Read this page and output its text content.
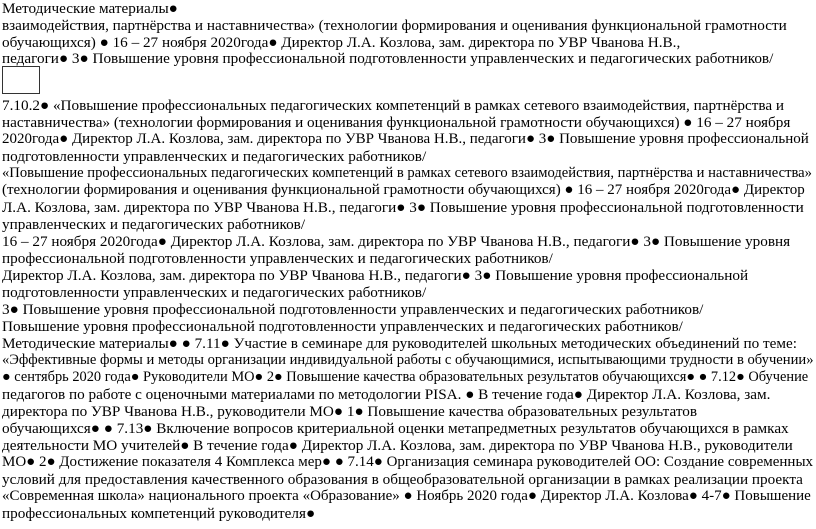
Методические материалы●
взаимодействия, партнёрства и наставничества» (технологии формирования и оценивания функциональной грамотности
обучающихся) ● 16 – 27 ноября 2020года● Директор Л.А. Козлова, зам. директора по УВР Чванова Н.В.,
педагоги● 3● Повышение уровня профессиональной подготовленности управленческих и педагогических работников/
7.10.2● «Повышение профессиональных педагогических компетенций в рамках сетевого взаимодействия, партнёрства и
наставничества» (технологии формирования и оценивания функциональной грамотности обучающихся) ● 16 – 27 ноября
2020года● Директор Л.А. Козлова, зам. директора по УВР Чванова Н.В., педагоги● 3● Повышение уровня профессиональной
подготовленности управленческих и педагогических работников/
«Повышение профессиональных педагогических компетенций в рамках сетевого взаимодействия, партнёрства и наставничества»
(технологии формирования и оценивания функциональной грамотности обучающихся) ● 16 – 27 ноября 2020года● Директор
Л.А. Козлова, зам. директора по УВР Чванова Н.В., педагоги● 3● Повышение уровня профессиональной подготовленности
управленческих и педагогических работников/
16 – 27 ноября 2020года● Директор Л.А. Козлова, зам. директора по УВР Чванова Н.В., педагоги● 3● Повышение уровня
профессиональной подготовленности управленческих и педагогических работников/
Директор Л.А. Козлова, зам. директора по УВР Чванова Н.В., педагоги● 3● Повышение уровня профессиональной
подготовленности управленческих и педагогических работников/
3● Повышение уровня профессиональной подготовленности управленческих и педагогических работников/
Повышение уровня профессиональной подготовленности управленческих и педагогических работников/
Методические материалы● ● 7.11● Участие в семинаре для руководителей школьных методических объединений по теме:
«Эффективные формы и методы организации индивидуальной работы с обучающимися, испытывающими трудности в обучении»
● сентябрь 2020 года● Руководители МО● 2● Повышение качества образовательных результатов обучающихся● ● 7.12● Обучение
педагогов по работе с оценочными материалами по методологии PISA. ● В течение года● Директор Л.А. Козлова, зам.
директора по УВР Чванова Н.В., руководители МО● 1● Повышение качества образовательных результатов
обучающихся● ● 7.13● Включение вопросов критериальной оценки метапредметных результатов обучающихся в рамках
деятельности МО учителей● В течение года● Директор Л.А. Козлова, зам. директора по УВР Чванова Н.В., руководители
МО● 2● Достижение показателя 4 Комплекса мер● ● 7.14● Организация семинара руководителей ОО: Создание современных
условий для предоставления качественного образования в общеобразовательной организации в рамках реализации проекта
«Современная школа» национального проекта «Образование» ● Ноябрь 2020 года● Директор Л.А. Козлова● 4-7● Повышение
профессиональных компетенций руководителя●
